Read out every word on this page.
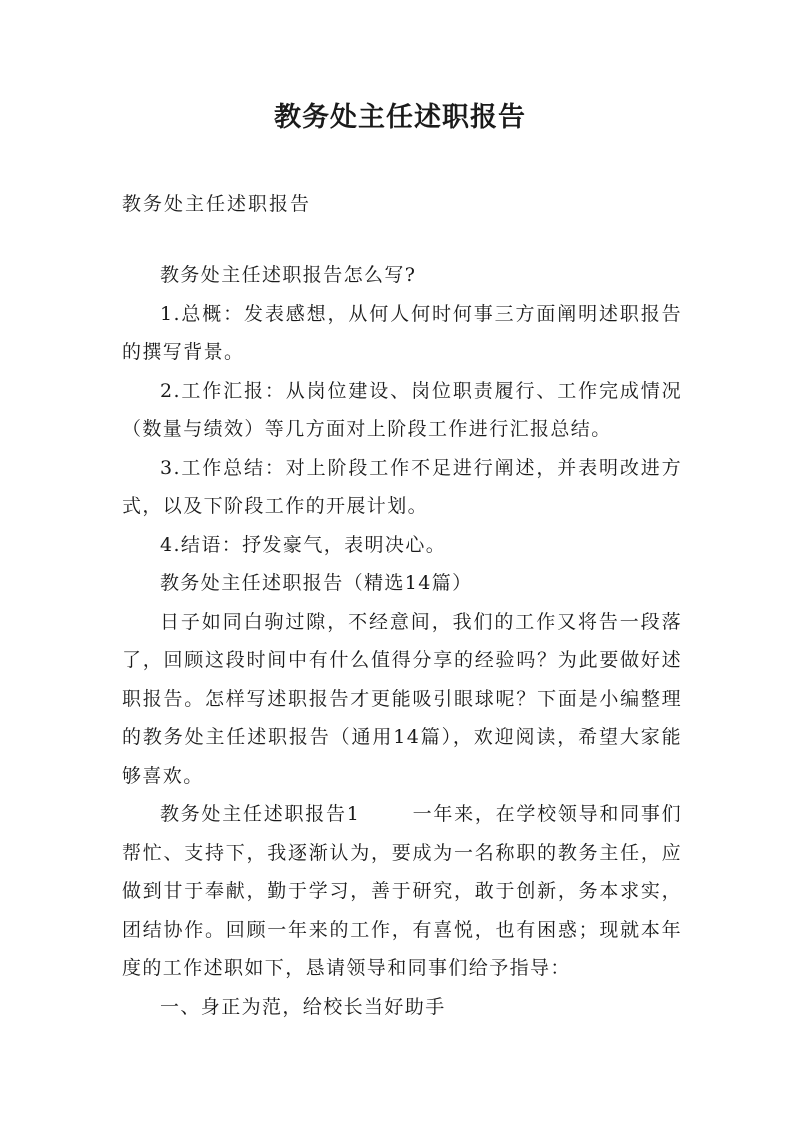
教务处主任述职报告

教务处主任述职报告

教务处主任述职报告怎么写?

1.总概：发表感想，从何人何时何事三方面阐明述职报告的撰写背景。

2.工作汇报：从岗位建设、岗位职责履行、工作完成情况（数量与绩效）等几方面对上阶段工作进行汇报总结。

3.工作总结：对上阶段工作不足进行阐述，并表明改进方式，以及下阶段工作的开展计划。

4.结语：抒发豪气，表明决心。

教务处主任述职报告（精选14篇）

日子如同白驹过隙，不经意间，我们的工作又将告一段落了，回顾这段时间中有什么值得分享的经验吗？为此要做好述职报告。怎样写述职报告才更能吸引眼球呢？下面是小编整理的教务处主任述职报告（通用14篇），欢迎阅读，希望大家能够喜欢。

教务处主任述职报告1	一年来，在学校领导和同事们帮忙、支持下，我逐渐认为，要成为一名称职的教务主任，应做到甘于奉献，勤于学习，善于研究，敢于创新，务本求实，团结协作。回顾一年来的工作，有喜悦，也有困惑；现就本年度的工作述职如下，恳请领导和同事们给予指导：

一、身正为范，给校长当好助手
